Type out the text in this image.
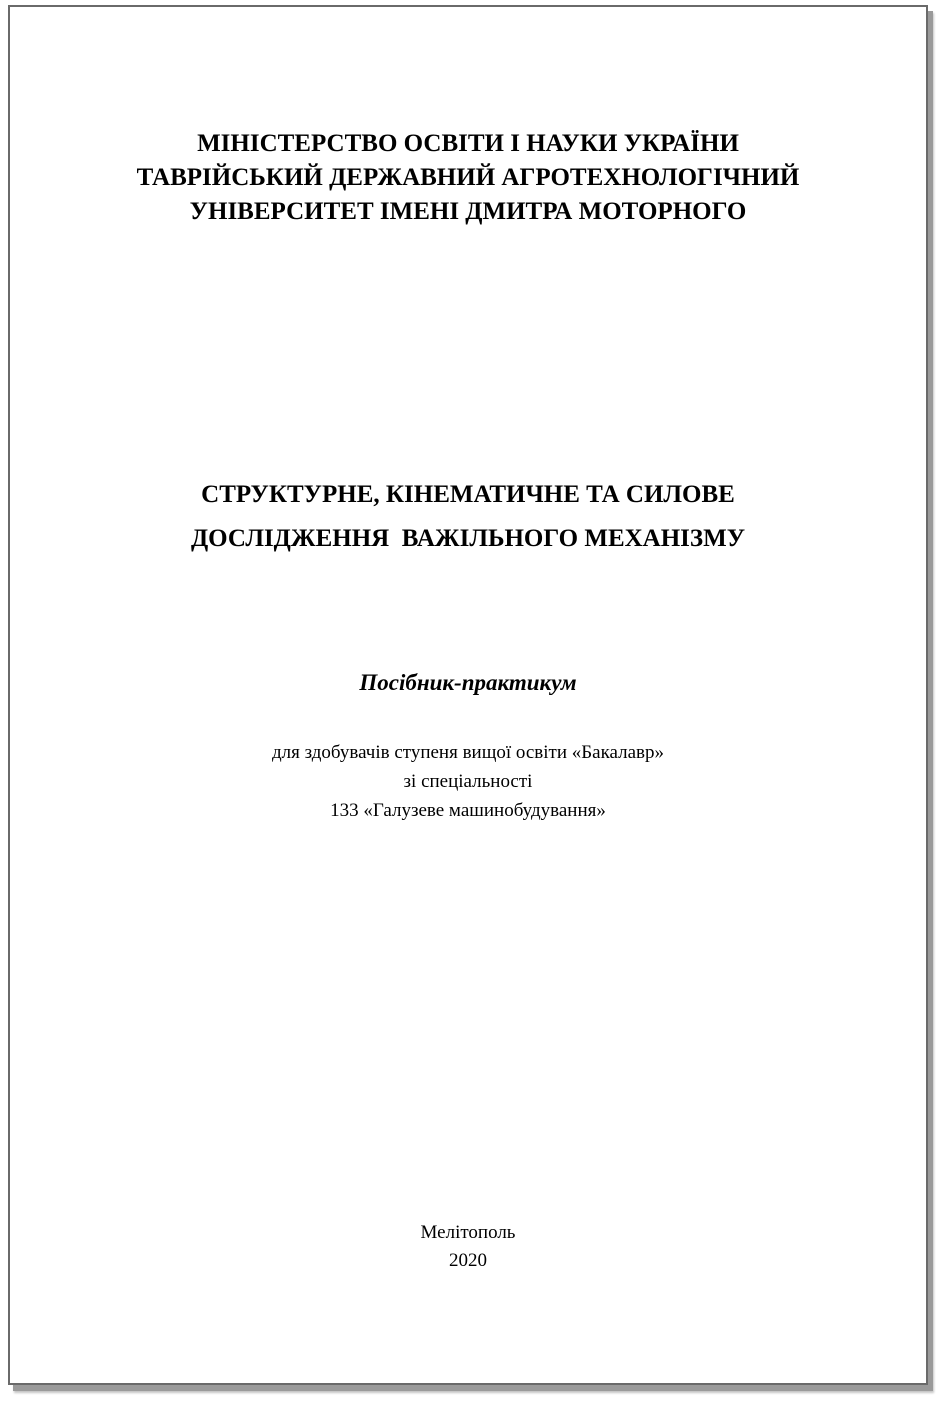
МІНІСТЕРСТВО ОСВІТИ І НАУКИ УКРАЇНИ
ТАВРІЙСЬКИЙ ДЕРЖАВНИЙ АГРОТЕХНОЛОГІЧНИЙ
УНІВЕРСИТЕТ ІМЕНІ ДМИТРА МОТОРНОГО
СТРУКТУРНЕ, КІНЕМАТИЧНЕ ТА СИЛОВЕ
ДОСЛІДЖЕННЯ  ВАЖІЛЬНОГО МЕХАНІЗМУ
Посібник-практикум
для здобувачів ступеня вищої освіти «Бакалавр»
зі спеціальності
133 «Галузеве машинобудування»
Мелітополь
2020
